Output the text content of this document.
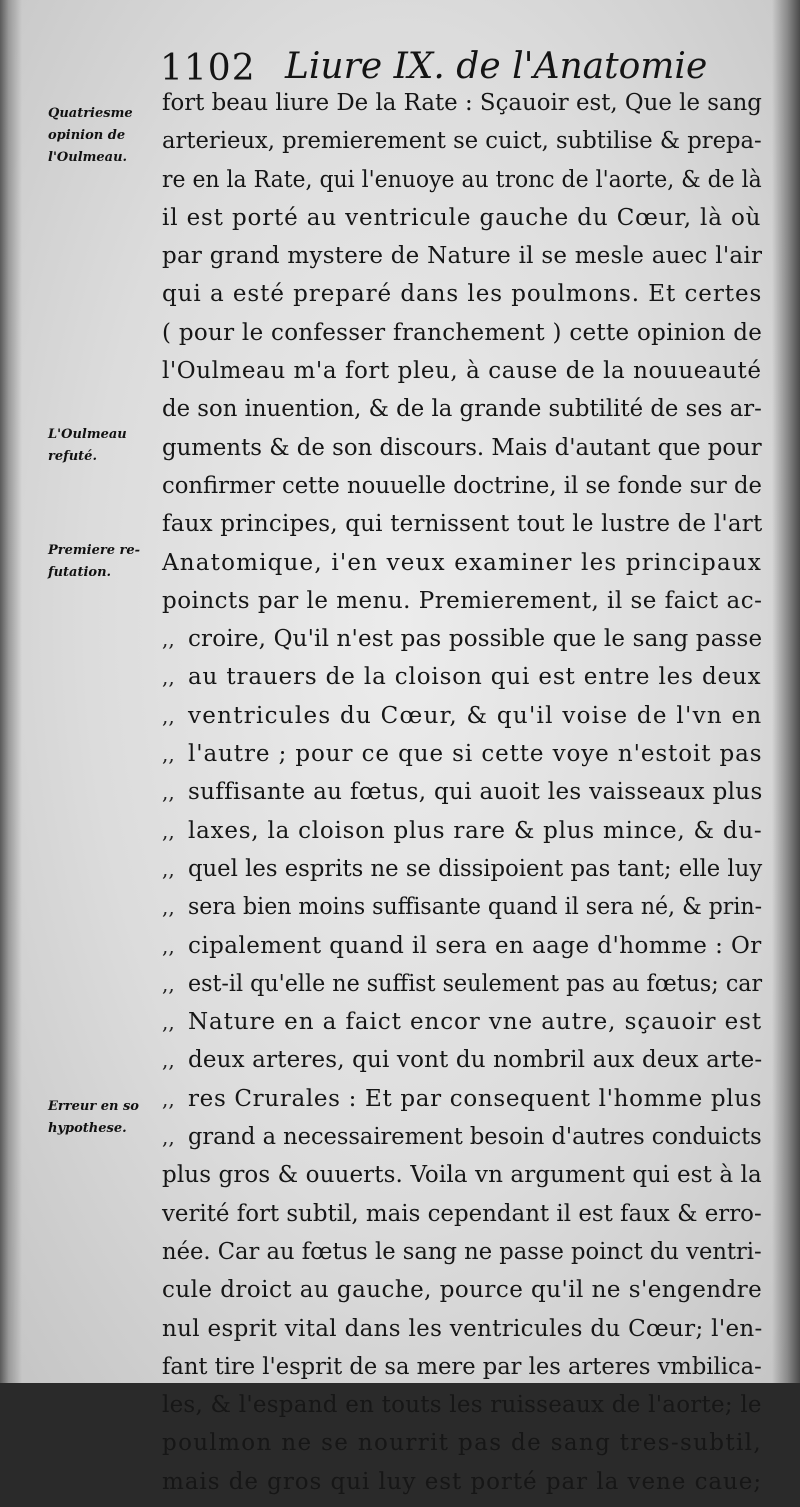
1102 Liure IX. de l'Anatomie
Quatriesme
opinion de
l'Oulmeau.
L'Oulmeau
refuté.
Premiere re-
futation.
Erreur en so
hypothese.
fort beau liure De la Rate : Sçauoir est, Que le sang
arterieux, premierement se cuict, subtilise & prepa-
re en la Rate, qui l'enuoye au tronc de l'aorte, & de là
il est porté au ventricule gauche du Cœur, là où
par grand mystere de Nature il se mesle auec l'air
qui a esté preparé dans les poulmons. Et certes
( pour le confesser franchement ) cette opinion de
l'Oulmeau m'a fort pleu, à cause de la nouueauté
de son inuention, & de la grande subtilité de ses ar-
guments & de son discours. Mais d'autant que pour
confirmer cette nouuelle doctrine, il se fonde sur de
faux principes, qui ternissent tout le lustre de l'art
Anatomique, i'en veux examiner les principaux
poincts par le menu. Premierement, il se faict ac-
,, croire, Qu'il n'est pas possible que le sang passe
,, au trauers de la cloison qui est entre les deux
,, ventricules du Cœur, & qu'il voise de l'vn en
,, l'autre ; pour ce que si cette voye n'estoit pas
,, suffisante au fœtus, qui auoit les vaisseaux plus
,, laxes, la cloison plus rare & plus mince, & du-
,, quel les esprits ne se dissipoient pas tant; elle luy
,, sera bien moins suffisante quand il sera né, & prin-
,, cipalement quand il sera en aage d'homme : Or
,, est-il qu'elle ne suffist seulement pas au fœtus; car
,, Nature en a faict encor vne autre, sçauoir est
,, deux arteres, qui vont du nombril aux deux arte-
,, res Crurales : Et par consequent l'homme plus
,, grand a necessairement besoin d'autres conduicts
plus gros & ouuerts. Voila vn argument qui est à la
verité fort subtil, mais cependant il est faux & erro-
née. Car au fœtus le sang ne passe poinct du ventri-
cule droict au gauche, pource qu'il ne s'engendre
nul esprit vital dans les ventricules du Cœur; l'en-
fant tire l'esprit de sa mere par les arteres vmbilica-
les, & l'espand en touts les ruisseaux de l'aorte; le
poulmon ne se nourrit pas de sang tres-subtil,
mais de gros qui luy est porté par la vene caue;
